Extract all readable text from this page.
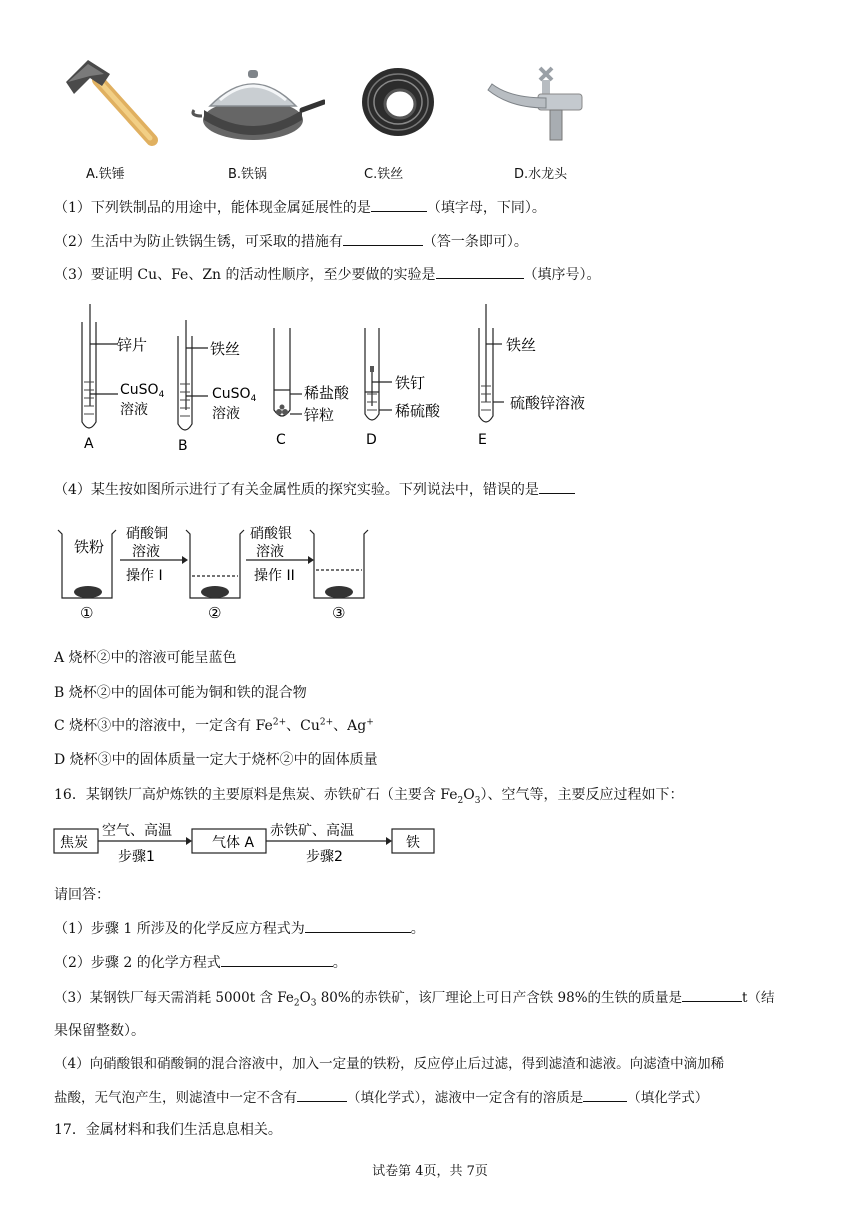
A.铁锤	B.铁锅	C.铁丝	D.水龙头
（1）下列铁制品的用途中，能体现金属延展性的是	（填字母，下同）。
（2）生活中为防止铁锅生锈，可采取的措施有	（答一条即可）。
（3）要证明 Cu、Fe、Zn 的活动性顺序，至少要做的实验是	（填序号）。
锌片
CuSO$_4$
溶液
A
铁丝
CuSO$_4$
溶液
B
稀盐酸
锌粒
C
铁钉
稀硫酸
D
铁丝
硫酸锌溶液
E
（4）某生按如图所示进行了有关金属性质的探究实验。下列说法中，错误的是
铁粉
硝酸铜
溶液
操作 I
硝酸银
溶液
操作 II
①	②	③
A 烧杯②中的溶液可能呈蓝色
B 烧杯②中的固体可能为铜和铁的混合物
C 烧杯③中的溶液中，一定含有 $Fe^{2+}$、$Cu^{2+}$、Ag+
D 烧杯③中的固体质量一定大于烧杯②中的固体质量
16．某钢铁厂高炉炼铁的主要原料是焦炭、赤铁矿石（主要含 $Fe_2O_3$）、空气等，主要反应过程如下：
焦炭
空气、高温
步骤1
气体 A
赤铁矿、高温
步骤2
铁
请回答：
（1）步骤 1 所涉及的化学反应方程式为	。
（2）步骤 2 的化学方程式	。
（3）某钢铁厂每天需消耗 5000t 含 $Fe_2O_3$ 80%的赤铁矿，该厂理论上可日产含铁 98%的生铁的质量是	t（结
果保留整数）。
（4）向硝酸银和硝酸铜的混合溶液中，加入一定量的铁粉，反应停止后过滤，得到滤渣和滤液。向滤渣中滴加稀
盐酸，无气泡产生，则滤渣中一定不含有	（填化学式），滤液中一定含有的溶质是	（填化学式）
17．金属材料和我们生活息息相关。
试卷第 4页，共 7页
